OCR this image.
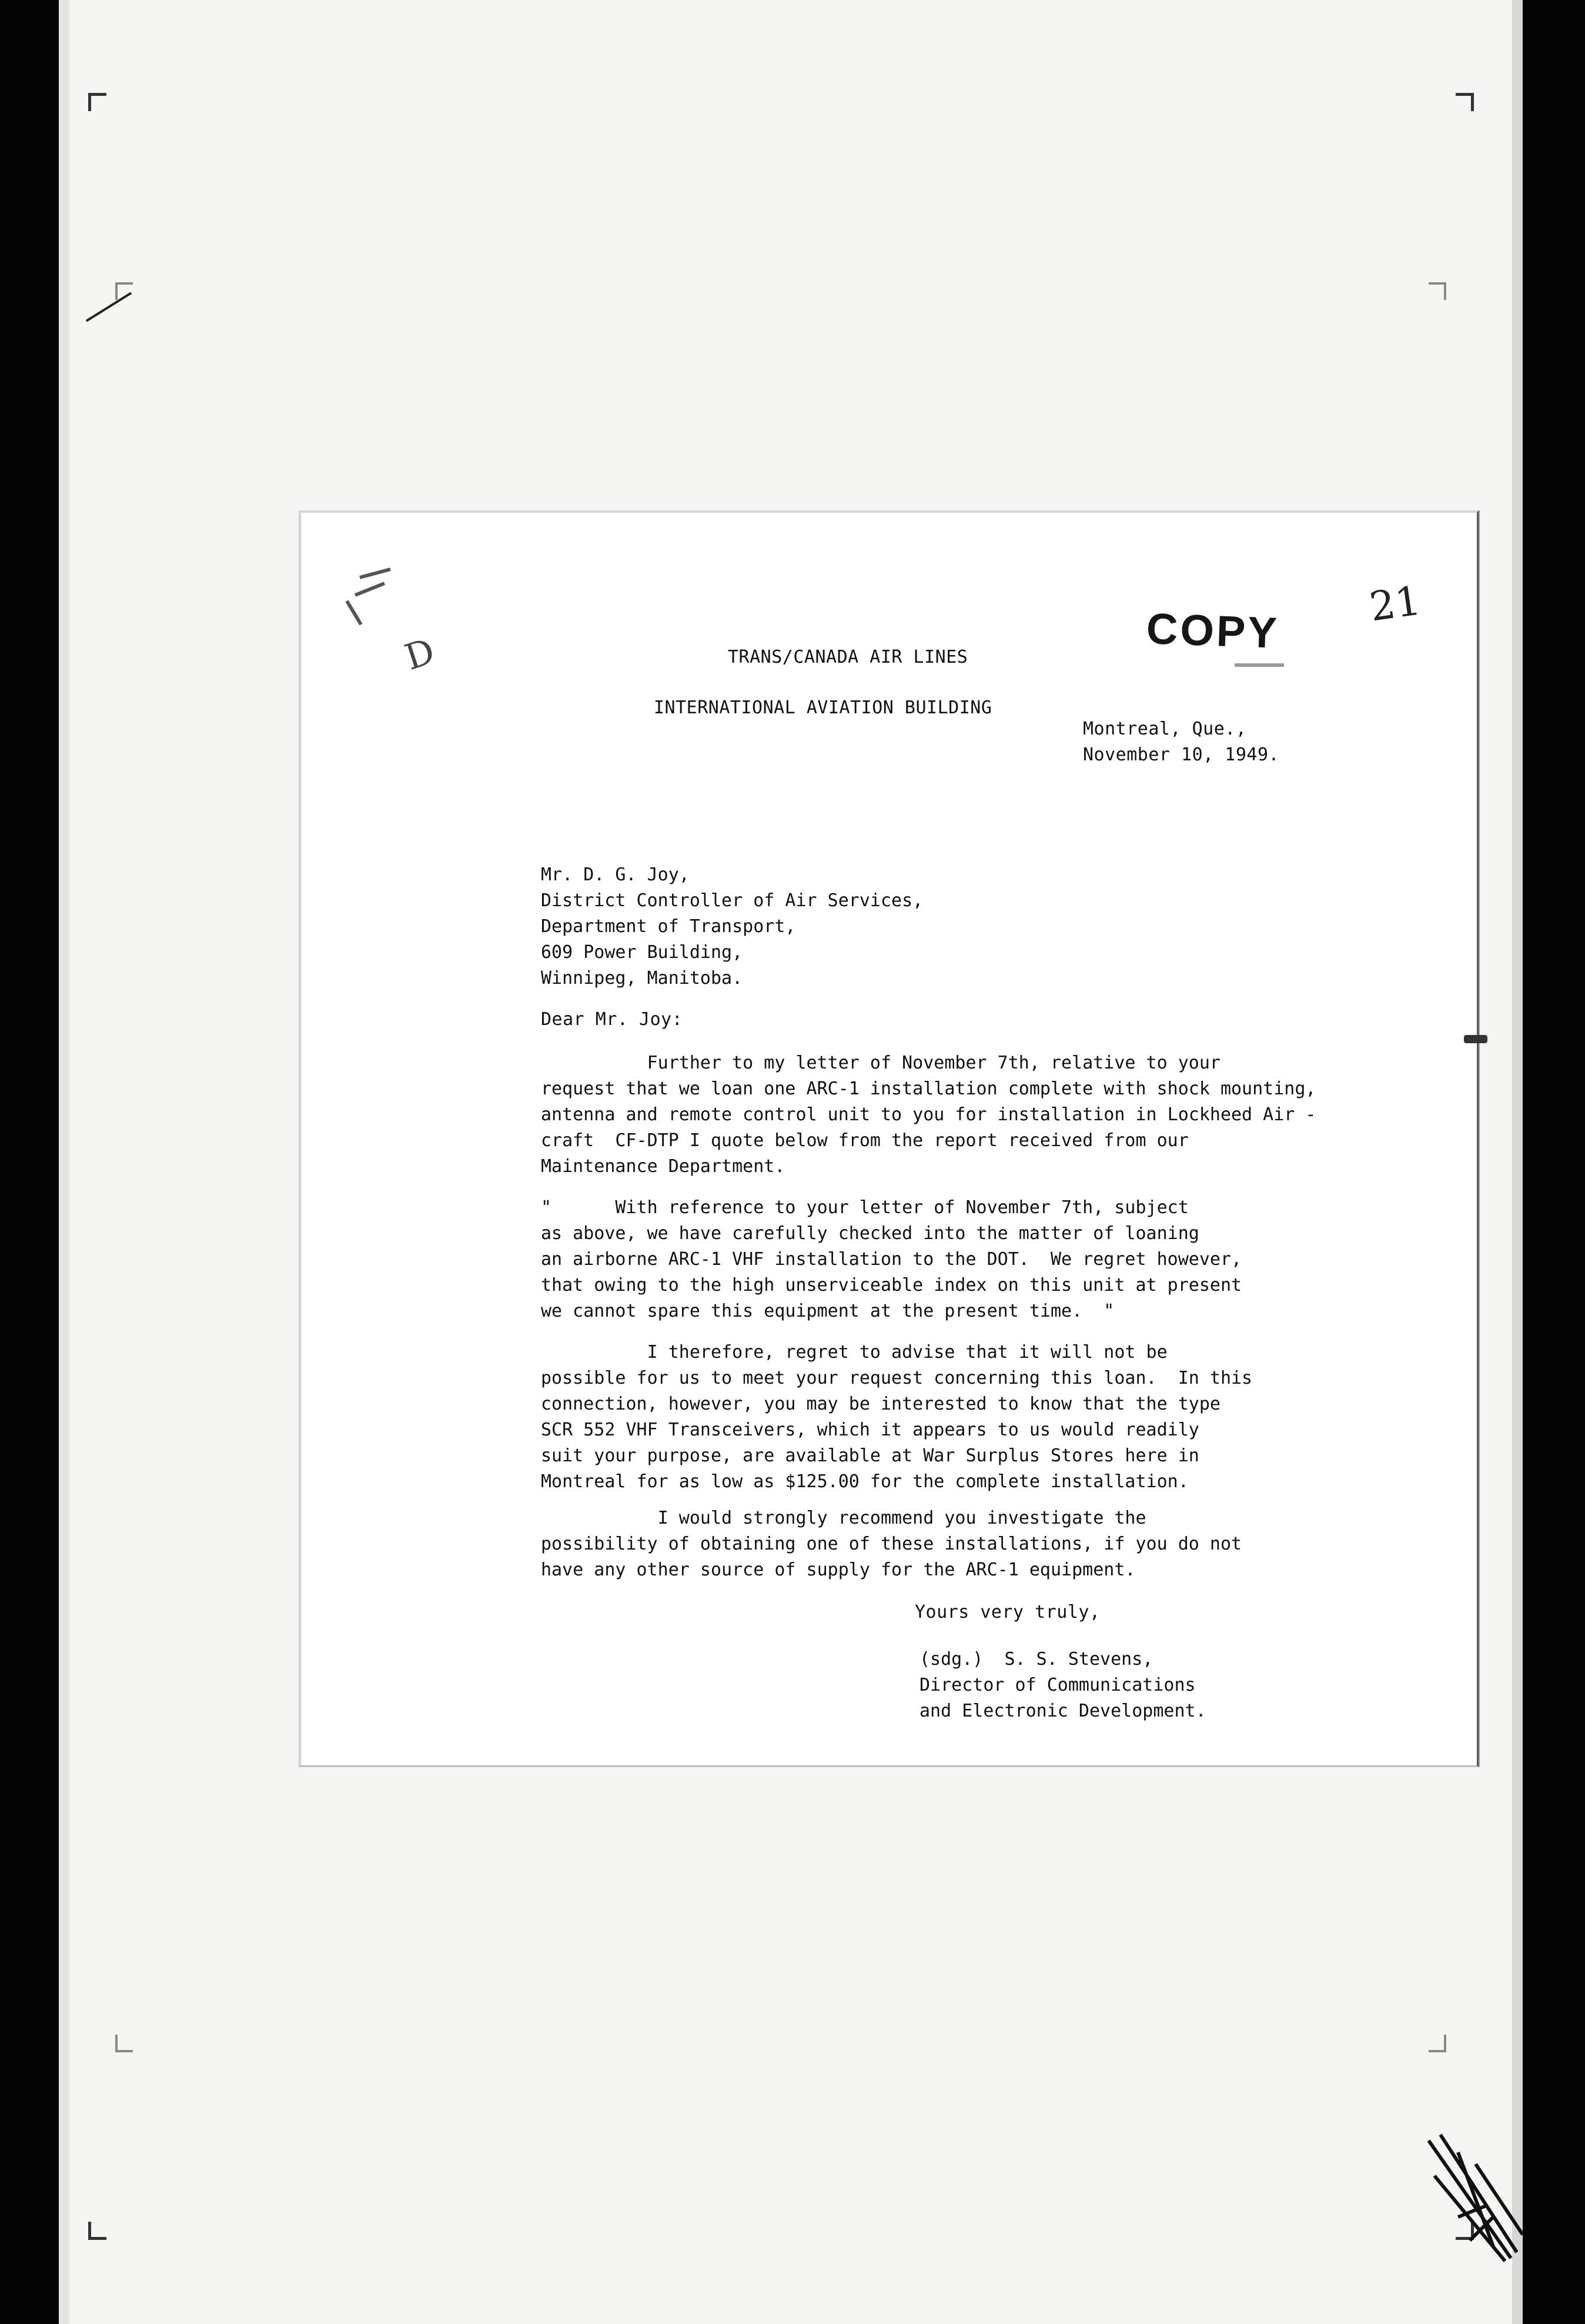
D	COPY 21
TRANS/CANADA AIR LINES
INTERNATIONAL AVIATION BUILDING
Montreal, Que.,
November 10, 1949.
Mr. D. G. Joy,
District Controller of Air Services,
Department of Transport,
609 Power Building,
Winnipeg, Manitoba.
Dear Mr. Joy:

Further to my letter of November 7th, relative to your

request that we loan one ARC-1 installation complete with shock mounting,

antenna and remote control unit to you for installation in Lockheed Air -

craft  CF-DTP I quote below from the report received from our

Maintenance Department.

"      With reference to your letter of November 7th, subject

as above, we have carefully checked into the matter of loaning

an airborne ARC-1 VHF installation to the DOT.  We regret however,

that owing to the high unserviceable index on this unit at present

we cannot spare this equipment at the present time.  "

I therefore, regret to advise that it will not be

possible for us to meet your request concerning this loan.  In this

connection, however, you may be interested to know that the type

SCR 552 VHF Transceivers, which it appears to us would readily

suit your purpose, are available at War Surplus Stores here in

Montreal for as low as $125.00 for the complete installation.

I would strongly recommend you investigate the

possibility of obtaining one of these installations, if you do not

have any other source of supply for the ARC-1 equipment.

Yours very truly,
(sdg.)  S. S. Stevens,
Director of Communications
and Electronic Development.
